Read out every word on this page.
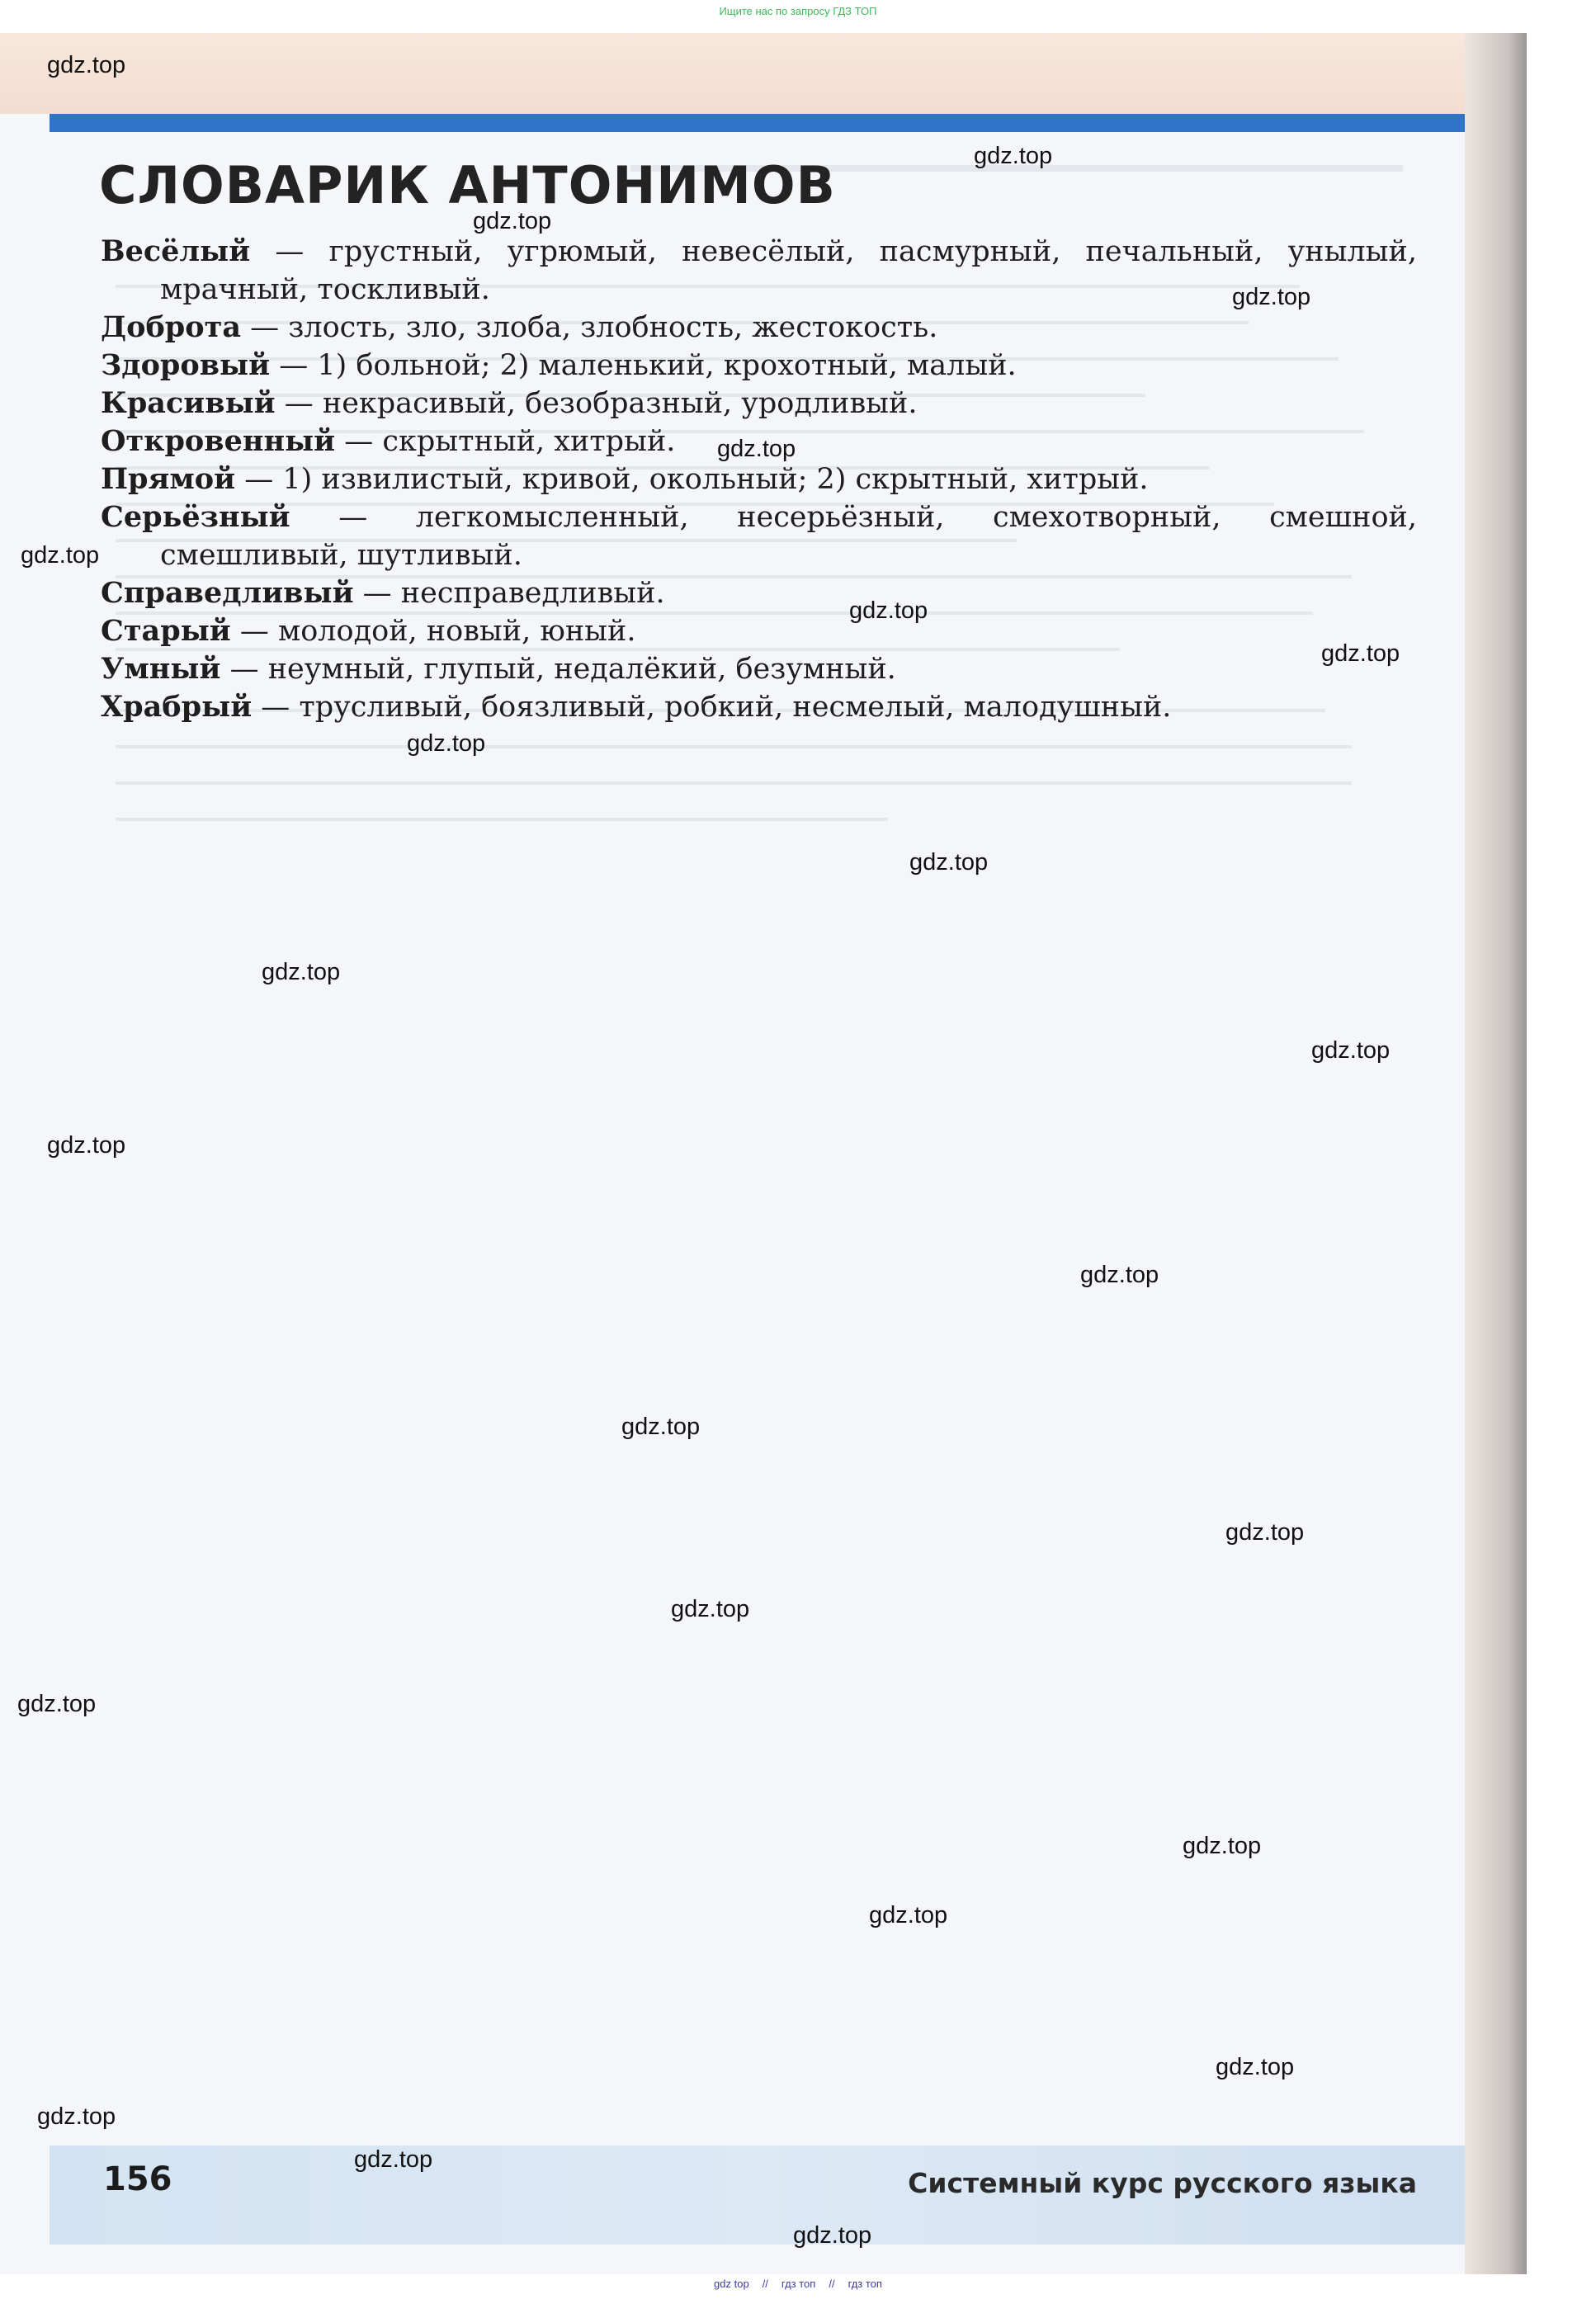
Ищите нас по запросу ГДЗ ТОП
СЛОВАРИК АНТОНИМОВ
Весёлый — грустный, угрюмый, невесёлый, пасмурный, печальный, унылый, мрачный, тоскливый.
Доброта — злость, зло, злоба, злобность, жестокость.
Здоровый — 1) больной; 2) маленький, крохотный, малый.
Красивый — некрасивый, безобразный, уродливый.
Откровенный — скрытный, хитрый.
Прямой — 1) извилистый, кривой, окольный; 2) скрытный, хитрый.
Серьёзный — легкомысленный, несерьёзный, смехотворный, смешной, смешливый, шутливый.
Справедливый — несправедливый.
Старый — молодой, новый, юный.
Умный — неумный, глупый, недалёкий, безумный.
Храбрый — трусливый, боязливый, робкий, несмелый, малодушный.
156	Системный курс русского языка
gdz.top
gdz.top
gdz.top
gdz.top
gdz.top
gdz.top
gdz.top
gdz.top
gdz.top
gdz.top
gdz.top
gdz.top
gdz.top
gdz.top
gdz.top
gdz.top
gdz.top
gdz.top
gdz.top
gdz.top
gdz.top
gdz.top
gdz.top
gdz.top
gdz top // гдз топ // гдз топ
